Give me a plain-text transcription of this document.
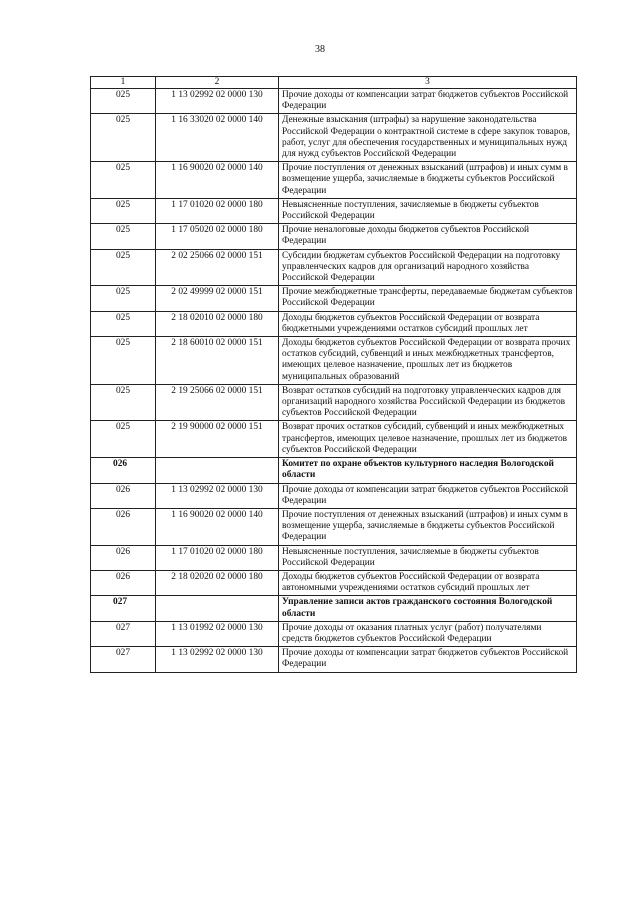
38
1	2	3
025	1 13 02992 02 0000 130	Прочие доходы от компенсации затрат бюджетов субъектов Российской Федерации
025	1 16 33020 02 0000 140	Денежные взыскания (штрафы) за нарушение законодательства Российской Федерации о контрактной системе в сфере закупок товаров, работ, услуг для обеспечения государственных и муниципальных нужд для нужд субъектов Российской Федерации
025	1 16 90020 02 0000 140	Прочие поступления от денежных взысканий (штрафов) и иных сумм в возмещение ущерба, зачисляемые в бюджеты субъектов Российской Федерации
025	1 17 01020 02 0000 180	Невыясненные поступления, зачисляемые в бюджеты субъектов Российской Федерации
025	1 17 05020 02 0000 180	Прочие неналоговые доходы бюджетов субъектов Российской Федерации
025	2 02 25066 02 0000 151	Субсидии бюджетам субъектов Российской Федерации на подготовку управленческих кадров для организаций народного хозяйства Российской Федерации
025	2 02 49999 02 0000 151	Прочие межбюджетные трансферты, передаваемые бюджетам субъектов Российской Федерации
025	2 18 02010 02 0000 180	Доходы бюджетов субъектов Российской Федерации от возврата бюджетными учреждениями остатков субсидий прошлых лет
025	2 18 60010 02 0000 151	Доходы бюджетов субъектов Российской Федерации от возврата прочих остатков субсидий, субвенций и иных межбюджетных трансфертов, имеющих целевое назначение, прошлых лет из бюджетов муниципальных образований
025	2 19 25066 02 0000 151	Возврат остатков субсидий на подготовку управленческих кадров для организаций народного хозяйства Российской Федерации из бюджетов субъектов Российской Федерации
025	2 19 90000 02 0000 151	Возврат прочих остатков субсидий, субвенций и иных межбюджетных трансфертов, имеющих целевое назначение, прошлых лет из бюджетов субъектов Российской Федерации
026		Комитет по охране объектов культурного наследия Вологодской области
026	1 13 02992 02 0000 130	Прочие доходы от компенсации затрат бюджетов субъектов Российской Федерации
026	1 16 90020 02 0000 140	Прочие поступления от денежных взысканий (штрафов) и иных сумм в возмещение ущерба, зачисляемые в бюджеты субъектов Российской Федерации
026	1 17 01020 02 0000 180	Невыясненные поступления, зачисляемые в бюджеты субъектов Российской Федерации
026	2 18 02020 02 0000 180	Доходы бюджетов субъектов Российской Федерации от возврата автономными учреждениями остатков субсидий прошлых лет
027		Управление записи актов гражданского состояния Вологодской области
027	1 13 01992 02 0000 130	Прочие доходы от оказания платных услуг (работ) получателями средств бюджетов субъектов Российской Федерации
027	1 13 02992 02 0000 130	Прочие доходы от компенсации затрат бюджетов субъектов Российской Федерации
